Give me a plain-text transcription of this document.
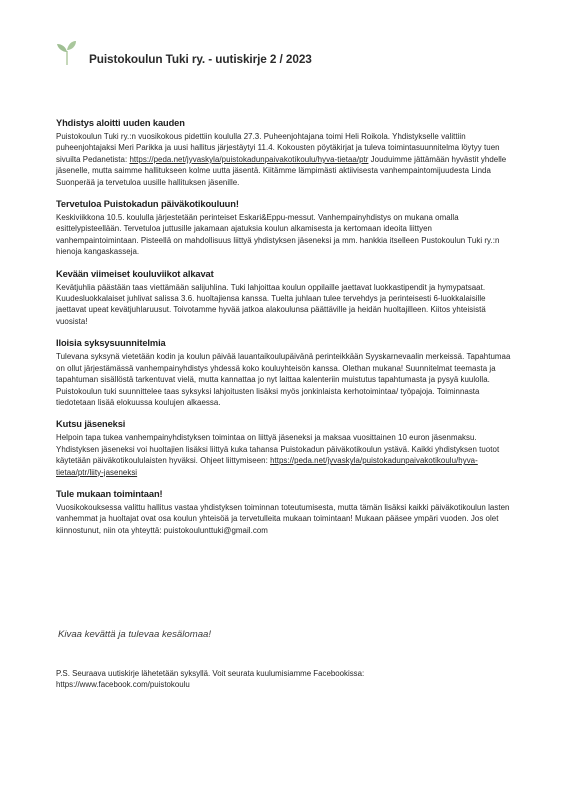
Puistokoulun Tuki ry. - uutiskirje 2 / 2023
Yhdistys aloitti uuden kauden

Puistokoulun Tuki ry.:n vuosikokous pidettiin koululla 27.3. Puheenjohtajana toimi Heli Roikola. Yhdistykselle valittiin puheenjohtajaksi Meri Parikka ja uusi hallitus järjestäytyi 11.4. Kokousten pöytäkirjat ja tuleva toimintasuunnitelma löytyy tuen sivuilta Pedanetista: https://peda.net/jyvaskyla/puistokadunpaivakotikoulu/hyva-tietaa/ptr Jouduimme jättämään hyvästit yhdelle jäsenelle, mutta saimme hallitukseen kolme uutta jäsentä. Kiitämme lämpimästi aktiivisesta vanhempaintomijuudesta Linda Suonperää ja tervetuloa uusille hallituksen jäsenille.

Tervetuloa Puistokadun päiväkotikouluun!

Keskiviikkona 10.5. koululla järjestetään perinteiset Eskari&Eppu-messut. Vanhempainyhdistys on mukana omalla esittelypisteellään. Tervetuloa juttusille jakamaan ajatuksia koulun alkamisesta ja kertomaan ideoita liittyen vanhempaintoimintaan. Pisteellä on mahdollisuus liittyä yhdistyksen jäseneksi ja mm. hankkia itselleen Pustokoulun Tuki ry.:n hienoja kangaskasseja.

Kevään viimeiset kouluviikot alkavat

Kevätjuhlia päästään taas viettämään salijuhlina. Tuki lahjoittaa koulun oppilaille jaettavat luokkastipendit ja hymypatsaat. Kuudesluokkalaiset juhlivat salissa 3.6. huoltajiensa kanssa. Tuelta juhlaan tulee tervehdys ja perinteisesti 6-luokkalaisille jaettavat upeat kevätjuhlaruusut. Toivotamme hyvää jatkoa alakoulunsa päättäville ja heidän huoltajilleen. Kiitos yhteisistä vuosista!

Iloisia syksysuunnitelmia

Tulevana syksynä vietetään kodin ja koulun päivää lauantaikoulupäivänä perinteikkään Syyskarnevaalin merkeissä. Tapahtumaa on ollut järjestämässä vanhempainyhdistys yhdessä koko kouluyhteisön kanssa. Olethan mukana! Suunnitelmat teemasta ja tapahtuman sisällöstä tarkentuvat vielä, mutta kannattaa jo nyt laittaa kalenteriin muistutus tapahtumasta ja pysyä kuulolla. Puistokoulun tuki suunnittelee taas syksyksi lahjoitusten lisäksi myös jonkinlaista kerhotoimintaa/ työpajoja. Toiminnasta tiedotetaan lisää elokuussa koulujen alkaessa.

Kutsu jäseneksi

Helpoin tapa tukea vanhempainyhdistyksen toimintaa on liittyä jäseneksi ja maksaa vuosittainen 10 euron jäsenmaksu. Yhdistyksen jäseneksi voi huoltajien lisäksi liittyä kuka tahansa Puistokadun päiväkotikoulun ystävä. Kaikki yhdistyksen tuotot käytetään päiväkotikoululaisten hyväksi. Ohjeet liittymiseen: https://peda.net/jyvaskyla/puistokadunpaivakotikoulu/hyva-tietaa/ptr/liity-jaseneksi

Tule mukaan toimintaan!

Vuosikokouksessa valittu hallitus vastaa yhdistyksen toiminnan toteutumisesta, mutta tämän lisäksi kaikki päiväkotikoulun lasten vanhemmat ja huoltajat ovat osa koulun yhteisöä ja tervetulleita mukaan toimintaan! Mukaan pääsee ympäri vuoden. Jos olet kiinnostunut, niin ota yhteyttä: puistokoulunttuki@gmail.com

Kivaa kevättä ja tulevaa kesälomaa!
P.S. Seuraava uutiskirje lähetetään syksyllä. Voit seurata kuulumisiamme Facebookissa:
https://www.facebook.com/puistokoulu
